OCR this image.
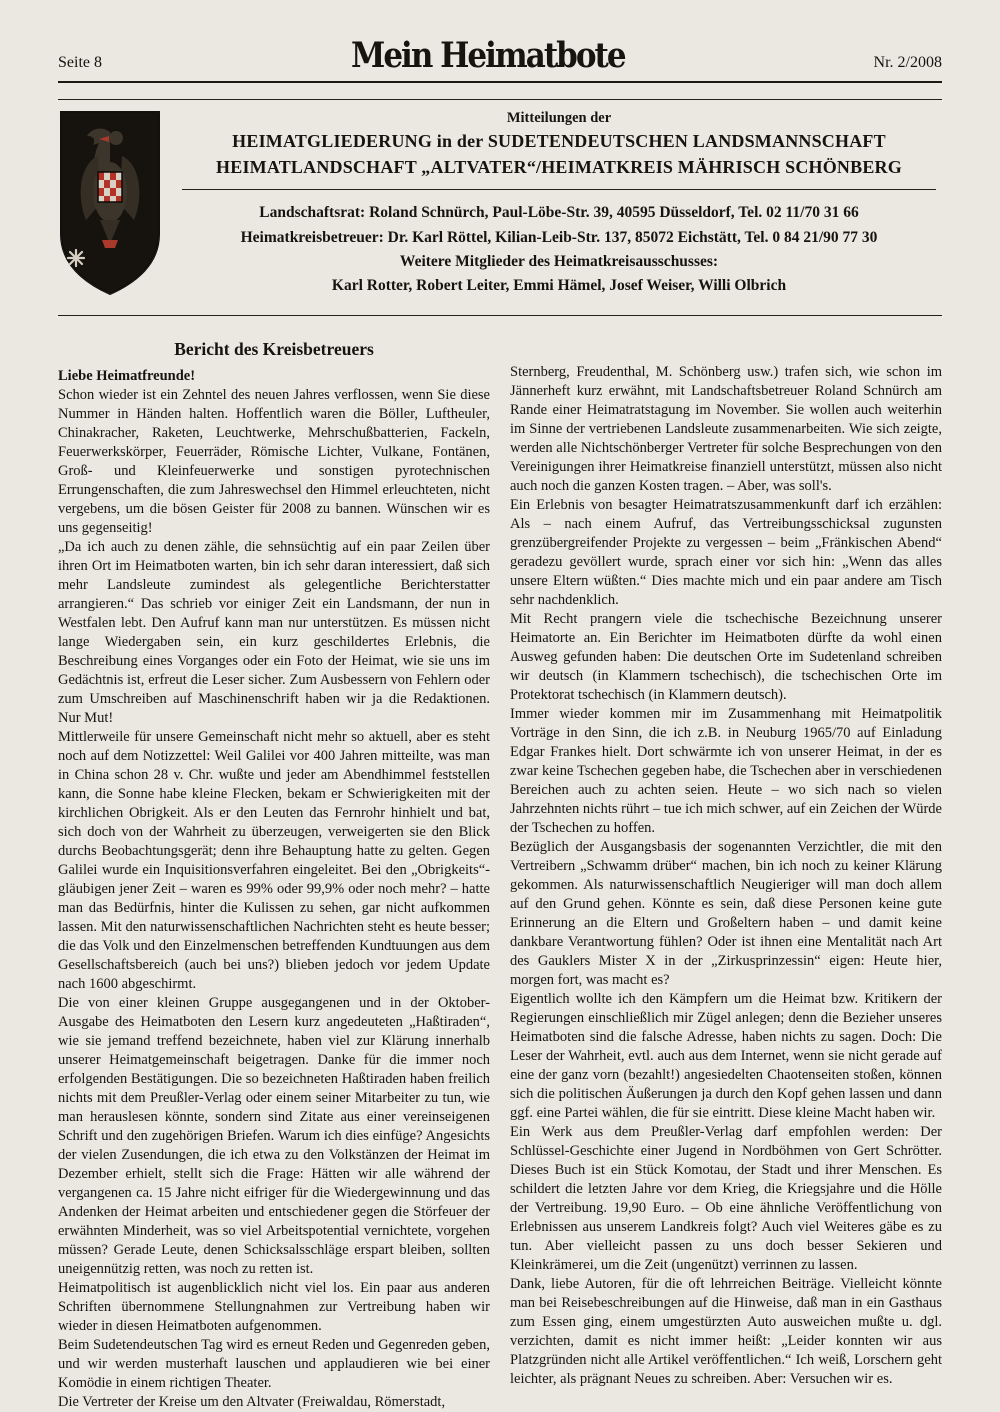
Seite 8	Mein Heimatbote	Nr. 2/2008
Mitteilungen der
HEIMATGLIEDERUNG in der SUDETENDEUTSCHEN LANDSMANNSCHAFT
HEIMATLANDSCHAFT „ALTVATER“/HEIMATKREIS MÄHRISCH SCHÖNBERG
Landschaftsrat: Roland Schnürch, Paul-Löbe-Str. 39, 40595 Düsseldorf, Tel. 02 11/70 31 66
Heimatkreisbetreuer: Dr. Karl Röttel, Kilian-Leib-Str. 137, 85072 Eichstätt, Tel. 0 84 21/90 77 30
Weitere Mitglieder des Heimatkreisausschusses:
Karl Rotter, Robert Leiter, Emmi Hämel, Josef Weiser, Willi Olbrich
Bericht des Kreisbetreuers

Liebe Heimatfreunde!

Schon wieder ist ein Zehntel des neuen Jahres verflossen, wenn Sie diese Nummer in Händen halten. Hoffentlich waren die Böller, Luftheuler, Chinakracher, Raketen, Leuchtwerke, Mehrschußbatterien, Fackeln, Feuerwerkskörper, Feuerräder, Römische Lichter, Vulkane, Fontänen, Groß- und Kleinfeuerwerke und sonstigen pyrotechnischen Errungenschaften, die zum Jahreswechsel den Himmel erleuchteten, nicht vergebens, um die bösen Geister für 2008 zu bannen. Wünschen wir es uns gegenseitig!

„Da ich auch zu denen zähle, die sehnsüchtig auf ein paar Zeilen über ihren Ort im Heimatboten warten, bin ich sehr daran interessiert, daß sich mehr Landsleute zumindest als gelegentliche Berichterstatter arrangieren.“ Das schrieb vor einiger Zeit ein Landsmann, der nun in Westfalen lebt. Den Aufruf kann man nur unterstützen. Es müssen nicht lange Wiedergaben sein, ein kurz geschildertes Erlebnis, die Beschreibung eines Vorganges oder ein Foto der Heimat, wie sie uns im Gedächtnis ist, erfreut die Leser sicher. Zum Ausbessern von Fehlern oder zum Umschreiben auf Maschinenschrift haben wir ja die Redaktionen. Nur Mut!

Mittlerweile für unsere Gemeinschaft nicht mehr so aktuell, aber es steht noch auf dem Notizzettel: Weil Galilei vor 400 Jahren mitteilte, was man in China schon 28 v. Chr. wußte und jeder am Abendhimmel feststellen kann, die Sonne habe kleine Flecken, bekam er Schwierigkeiten mit der kirchlichen Obrigkeit. Als er den Leuten das Fernrohr hinhielt und bat, sich doch von der Wahrheit zu überzeugen, verweigerten sie den Blick durchs Beobachtungsgerät; denn ihre Behauptung hatte zu gelten. Gegen Galilei wurde ein Inquisitionsverfahren eingeleitet. Bei den „Obrigkeits“-gläubigen jener Zeit – waren es 99% oder 99,9% oder noch mehr? – hatte man das Bedürfnis, hinter die Kulissen zu sehen, gar nicht aufkommen lassen. Mit den naturwissenschaftlichen Nachrichten steht es heute besser; die das Volk und den Einzelmenschen betreffenden Kundtuungen aus dem Gesellschaftsbereich (auch bei uns?) blieben jedoch vor jedem Update nach 1600 abgeschirmt.

Die von einer kleinen Gruppe ausgegangenen und in der Oktober-Ausgabe des Heimatboten den Lesern kurz angedeuteten „Haßtiraden“, wie sie jemand treffend bezeichnete, haben viel zur Klärung innerhalb unserer Heimatgemeinschaft beigetragen. Danke für die immer noch erfolgenden Bestätigungen. Die so bezeichneten Haßtiraden haben freilich nichts mit dem Preußler-Verlag oder einem seiner Mitarbeiter zu tun, wie man herauslesen könnte, sondern sind Zitate aus einer vereinseigenen Schrift und den zugehörigen Briefen. Warum ich dies einfüge? Angesichts der vielen Zusendungen, die ich etwa zu den Volkstänzen der Heimat im Dezember erhielt, stellt sich die Frage: Hätten wir alle während der vergangenen ca. 15 Jahre nicht eifriger für die Wiedergewinnung und das Andenken der Heimat arbeiten und entschiedener gegen die Störfeuer der erwähnten Minderheit, was so viel Arbeitspotential vernichtete, vorgehen müssen? Gerade Leute, denen Schicksalsschläge erspart bleiben, sollten uneigennützig retten, was noch zu retten ist.

Heimatpolitisch ist augenblicklich nicht viel los. Ein paar aus anderen Schriften übernommene Stellungnahmen zur Vertreibung haben wir wieder in diesen Heimatboten aufgenommen.

Beim Sudetendeutschen Tag wird es erneut Reden und Gegenreden geben, und wir werden musterhaft lauschen und applaudieren wie bei einer Komödie in einem richtigen Theater.

Die Vertreter der Kreise um den Altvater (Freiwaldau, Römerstadt,

Sternberg, Freudenthal, M. Schönberg usw.) trafen sich, wie schon im Jännerheft kurz erwähnt, mit Landschaftsbetreuer Roland Schnürch am Rande einer Heimatratstagung im November. Sie wollen auch weiterhin im Sinne der vertriebenen Landsleute zusammenarbeiten. Wie sich zeigte, werden alle Nichtschönberger Vertreter für solche Besprechungen von den Vereinigungen ihrer Heimatkreise finanziell unterstützt, müssen also nicht auch noch die ganzen Kosten tragen. – Aber, was soll's.

Ein Erlebnis von besagter Heimatratszusammenkunft darf ich erzählen: Als – nach einem Aufruf, das Vertreibungsschicksal zugunsten grenzübergreifender Projekte zu vergessen – beim „Fränkischen Abend“ geradezu gevöllert wurde, sprach einer vor sich hin: „Wenn das alles unsere Eltern wüßten.“ Dies machte mich und ein paar andere am Tisch sehr nachdenklich.

Mit Recht prangern viele die tschechische Bezeichnung unserer Heimatorte an. Ein Berichter im Heimatboten dürfte da wohl einen Ausweg gefunden haben: Die deutschen Orte im Sudetenland schreiben wir deutsch (in Klammern tschechisch), die tschechischen Orte im Protektorat tschechisch (in Klammern deutsch).

Immer wieder kommen mir im Zusammenhang mit Heimatpolitik Vorträge in den Sinn, die ich z.B. in Neuburg 1965/70 auf Einladung Edgar Frankes hielt. Dort schwärmte ich von unserer Heimat, in der es zwar keine Tschechen gegeben habe, die Tschechen aber in verschiedenen Bereichen auch zu achten seien. Heute – wo sich nach so vielen Jahrzehnten nichts rührt – tue ich mich schwer, auf ein Zeichen der Würde der Tschechen zu hoffen.

Bezüglich der Ausgangsbasis der sogenannten Verzichtler, die mit den Vertreibern „Schwamm drüber“ machen, bin ich noch zu keiner Klärung gekommen. Als naturwissenschaftlich Neugieriger will man doch allem auf den Grund gehen. Könnte es sein, daß diese Personen keine gute Erinnerung an die Eltern und Großeltern haben – und damit keine dankbare Verantwortung fühlen? Oder ist ihnen eine Mentalität nach Art des Gauklers Mister X in der „Zirkusprinzessin“ eigen: Heute hier, morgen fort, was macht es?

Eigentlich wollte ich den Kämpfern um die Heimat bzw. Kritikern der Regierungen einschließlich mir Zügel anlegen; denn die Bezieher unseres Heimatboten sind die falsche Adresse, haben nichts zu sagen. Doch: Die Leser der Wahrheit, evtl. auch aus dem Internet, wenn sie nicht gerade auf eine der ganz vorn (bezahlt!) angesiedelten Chaotenseiten stoßen, können sich die politischen Äußerungen ja durch den Kopf gehen lassen und dann ggf. eine Partei wählen, die für sie eintritt. Diese kleine Macht haben wir.

Ein Werk aus dem Preußler-Verlag darf empfohlen werden: Der Schlüssel-Geschichte einer Jugend in Nordböhmen von Gert Schrötter. Dieses Buch ist ein Stück Komotau, der Stadt und ihrer Menschen. Es schildert die letzten Jahre vor dem Krieg, die Kriegsjahre und die Hölle der Vertreibung. 19,90 Euro. – Ob eine ähnliche Veröffentlichung von Erlebnissen aus unserem Landkreis folgt? Auch viel Weiteres gäbe es zu tun. Aber vielleicht passen zu uns doch besser Sekieren und Kleinkrämerei, um die Zeit (ungenützt) verrinnen zu lassen.

Dank, liebe Autoren, für die oft lehrreichen Beiträge. Vielleicht könnte man bei Reisebeschreibungen auf die Hinweise, daß man in ein Gasthaus zum Essen ging, einem umgestürzten Auto ausweichen mußte u. dgl. verzichten, damit es nicht immer heißt: „Leider konnten wir aus Platzgründen nicht alle Artikel veröffentlichen.“ Ich weiß, Lorschern geht leichter, als prägnant Neues zu schreiben. Aber: Versuchen wir es.
